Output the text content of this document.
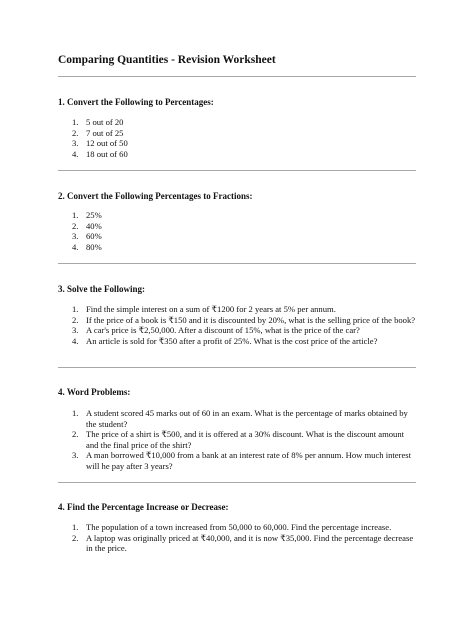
Comparing Quantities - Revision Worksheet
1. Convert the Following to Percentages:
1. 5 out of 20
2. 7 out of 25
3. 12 out of 50
4. 18 out of 60
2. Convert the Following Percentages to Fractions:
1. 25%
2. 40%
3. 60%
4. 80%
3. Solve the Following:
1. Find the simple interest on a sum of ₹1200 for 2 years at 5% per annum.
2. If the price of a book is ₹150 and it is discounted by 20%, what is the selling price of the book?
3. A car's price is ₹2,50,000. After a discount of 15%, what is the price of the car?
4. An article is sold for ₹350 after a profit of 25%. What is the cost price of the article?
4. Word Problems:
1. A student scored 45 marks out of 60 in an exam. What is the percentage of marks obtained by the student?
2. The price of a shirt is ₹500, and it is offered at a 30% discount. What is the discount amount and the final price of the shirt?
3. A man borrowed ₹10,000 from a bank at an interest rate of 8% per annum. How much interest will he pay after 3 years?
4. Find the Percentage Increase or Decrease:
1. The population of a town increased from 50,000 to 60,000. Find the percentage increase.
2. A laptop was originally priced at ₹40,000, and it is now ₹35,000. Find the percentage decrease in the price.
